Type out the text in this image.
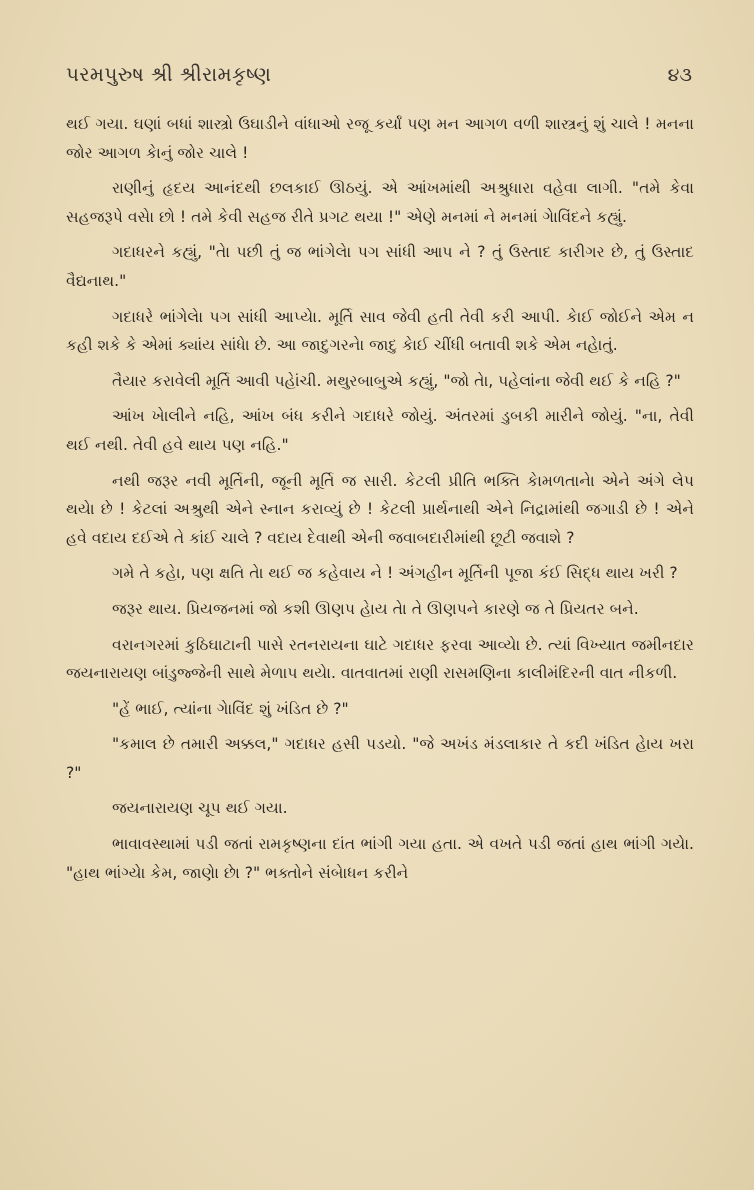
પરમપુરુષ શ્રી શ્રીરામકૃષ્ણ	૪૩

થઈ ગયા. ઘણાં બધાં શાસ્ત્રો ઉઘાડીને વાંધાઓ રજૂ કર્યાં પણ મન આગળ વળી શાસ્ત્રનું શું ચાલે ! મનના જોર આગળ કેાનું જોર ચાલે !

રાણીનું હૃદય આનંદથી છલકાઈ ઊઠયું. એ આંખમાંથી અશ્રુધારા વહેવા લાગી. "તમે કેવા સહજરૂપે વસેા છો ! તમે કેવી સહજ રીતે પ્રગટ થયા !" એણે મનમાં ને મનમાં ગેાવિંદને કહ્યું.

ગદાધરને કહ્યું, "તેા પછી તું જ ભાંગેલેા પગ સાંધી આપ ને ? તું ઉસ્તાદ કારીગર છે, તું ઉસ્તાદ વૈદ્યનાથ."

ગદાધરે ભાંગેલેા પગ સાંધી આપ્યેા. મૂર્તિ સાવ જેવી હતી તેવી કરી આપી. કેાઈ જોઈને એમ ન કહી શકે કે એમાં ક્યાંય સાંધેા છે. આ જાદુગરનેા જાદુ કેાઈ ચીંધી બતાવી શકે એમ નહેાતું.

તૈયાર કરાવેલી મૂર્તિ આવી પહેાંચી. મથુરબાબુએ કહ્યું, "જો તેા, પહેલાંના જેવી થઈ કે નહિ ?"

આંખ ખેાલીને નહિ, આંખ બંધ કરીને ગદાધરે જોયું. અંતરમાં ડુબકી મારીને જોયું. "ના, તેવી થઈ નથી. તેવી હવે થાય પણ નહિ."

નથી જરૂર નવી મૂર્તિની, જૂની મૂર્તિ જ સારી. કેટલી પ્રીતિ ભક્તિ કેામળતાનેા એને અંગે લેપ થયેા છે ! કેટલાં અશ્રુથી એને સ્નાન કરાવ્યું છે ! કેટલી પ્રાર્થનાથી એને નિદ્રામાંથી જગાડી છે ! એને હવે વદાય દઈએ તે કાંઈ ચાલે ? વદાય દેવાથી એની જવાબદારીમાંથી છૂટી જવાશે ?

ગમે તે કહેા, પણ ક્ષતિ તેા થઈ જ કહેવાય ને ! અંગહીન મૂર્તિની પૂજા કંઈ સિદ્ધ થાય ખરી ?

જરૂર થાય. પ્રિયજનમાં જો કશી ઊણપ હેાય તેા તે ઊણપને કારણે જ તે પ્રિયતર બને.

વરાનગરમાં કુઠિઘાટાની પાસે રતનરાયના ઘાટે ગદાધર ફરવા આવ્યેા છે. ત્યાં વિખ્યાત જમીનદાર જયનારાયણ બાંડુજ્જેની સાથે મેળાપ થયેા. વાતવાતમાં રાણી રાસમણિના કાલીમંદિરની વાત નીકળી.

"હેં ભાઈ, ત્યાંના ગેાવિંદ શું ખંડિત છે ?"

"કમાલ છે તમારી અક્કલ," ગદાધર હસી પડયો. "જે અખંડ મંડલાકાર તે કદી ખંડિત હેાય ખરા ?"

જયનારાયણ ચૂપ થઈ ગયા.

ભાવાવસ્થામાં પડી જતાં રામકૃષ્ણના દાંત ભાંગી ગયા હતા. એ વખતે પડી જતાં હાથ ભાંગી ગયેા. "હાથ ભાંગ્યેા કેમ, જાણેા છેા ?" ભક્તોને સંબેાધન કરીને
